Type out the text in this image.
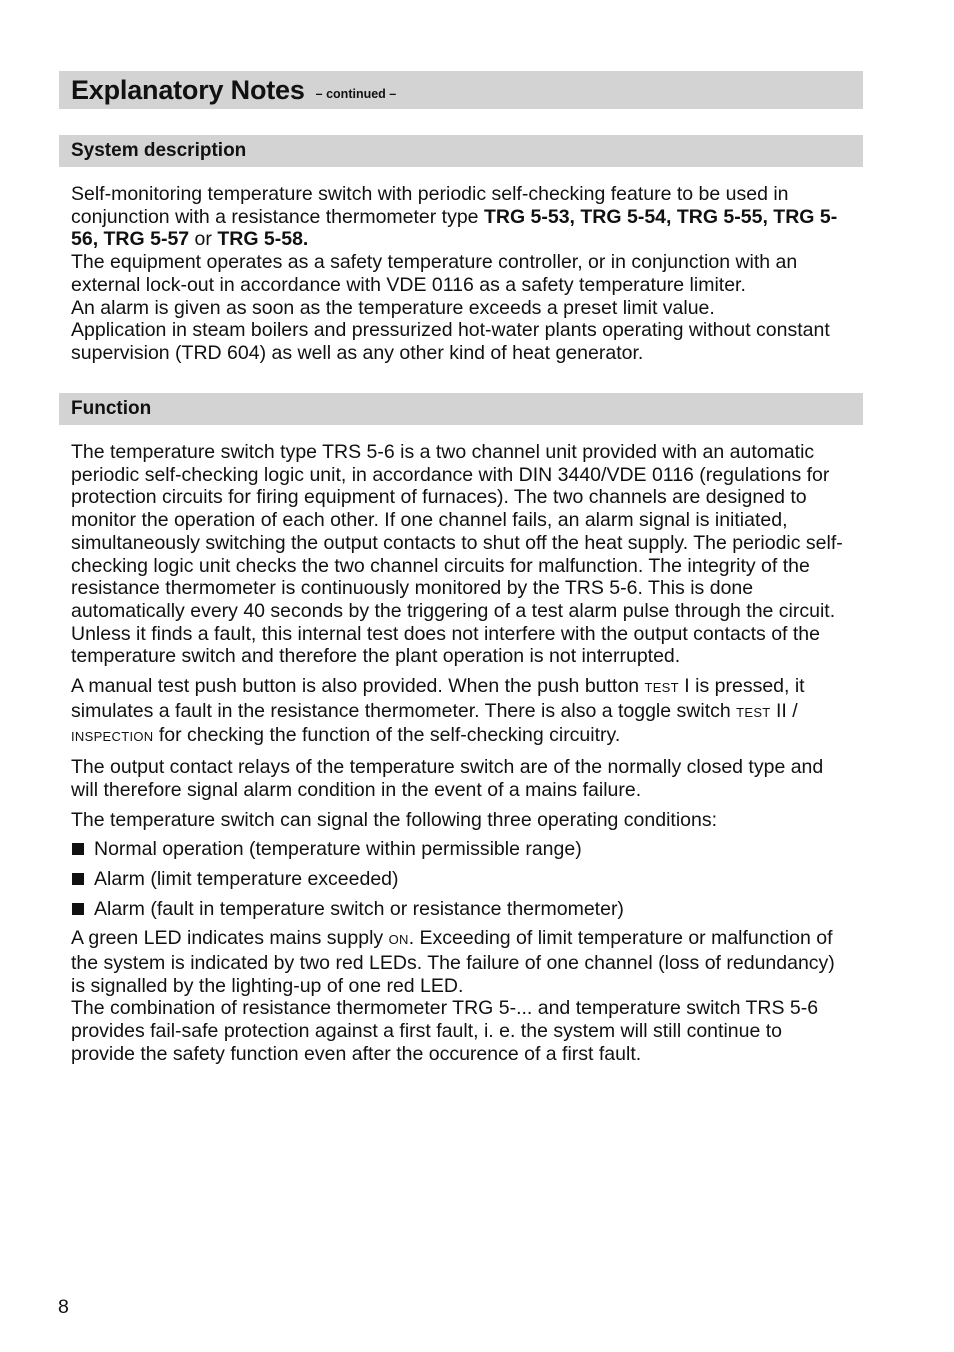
Explanatory Notes – continued –
System description

Self-monitoring temperature switch with periodic self-checking feature to be used in conjunction with a resistance thermometer type TRG 5-53, TRG 5-54, TRG 5-55, TRG 5-56, TRG 5-57 or TRG 5-58.

The equipment operates as a safety temperature controller, or in conjunction with an external lock-out in accordance with VDE 0116 as a safety temperature limiter.

An alarm is given as soon as the temperature exceeds a preset limit value.

Application in steam boilers and pressurized hot-water plants operating without constant supervision (TRD 604) as well as any other kind of heat generator.

Function

The temperature switch type TRS 5-6 is a two channel unit provided with an automatic periodic self-checking logic unit, in accordance with DIN 3440/VDE 0116 (regulations for protection circuits for firing equipment of furnaces). The two channels are designed to monitor the operation of each other. If one channel fails, an alarm signal is initiated, simultaneously switching the output contacts to shut off the heat supply. The periodic self-checking logic unit checks the two channel circuits for malfunction. The integrity of the resistance thermometer is continuously monitored by the TRS 5-6. This is done automatically every 40 seconds by the triggering of a test alarm pulse through the circuit. Unless it finds a fault, this internal test does not interfere with the output contacts of the temperature switch and therefore the plant operation is not interrupted.

A manual test push button is also provided. When the push button TEST I is pressed, it simulates a fault in the resistance thermometer. There is also a toggle switch TEST II / INSPECTION for checking the function of the self-checking circuitry.

The output contact relays of the temperature switch are of the normally closed type and will therefore signal alarm condition in the event of a mains failure.

The temperature switch can signal the following three operating conditions:

Normal operation (temperature within permissible range)
Alarm (limit temperature exceeded)
Alarm (fault in temperature switch or resistance thermometer)

A green LED indicates mains supply ON. Exceeding of limit temperature or malfunction of the system is indicated by two red LEDs. The failure of one channel (loss of redundancy) is signalled by the lighting-up of one red LED.

The combination of resistance thermometer TRG 5-... and temperature switch TRS 5-6 provides fail-safe protection against a first fault, i. e. the system will still continue to provide the safety function even after the occurence of a first fault.

8
